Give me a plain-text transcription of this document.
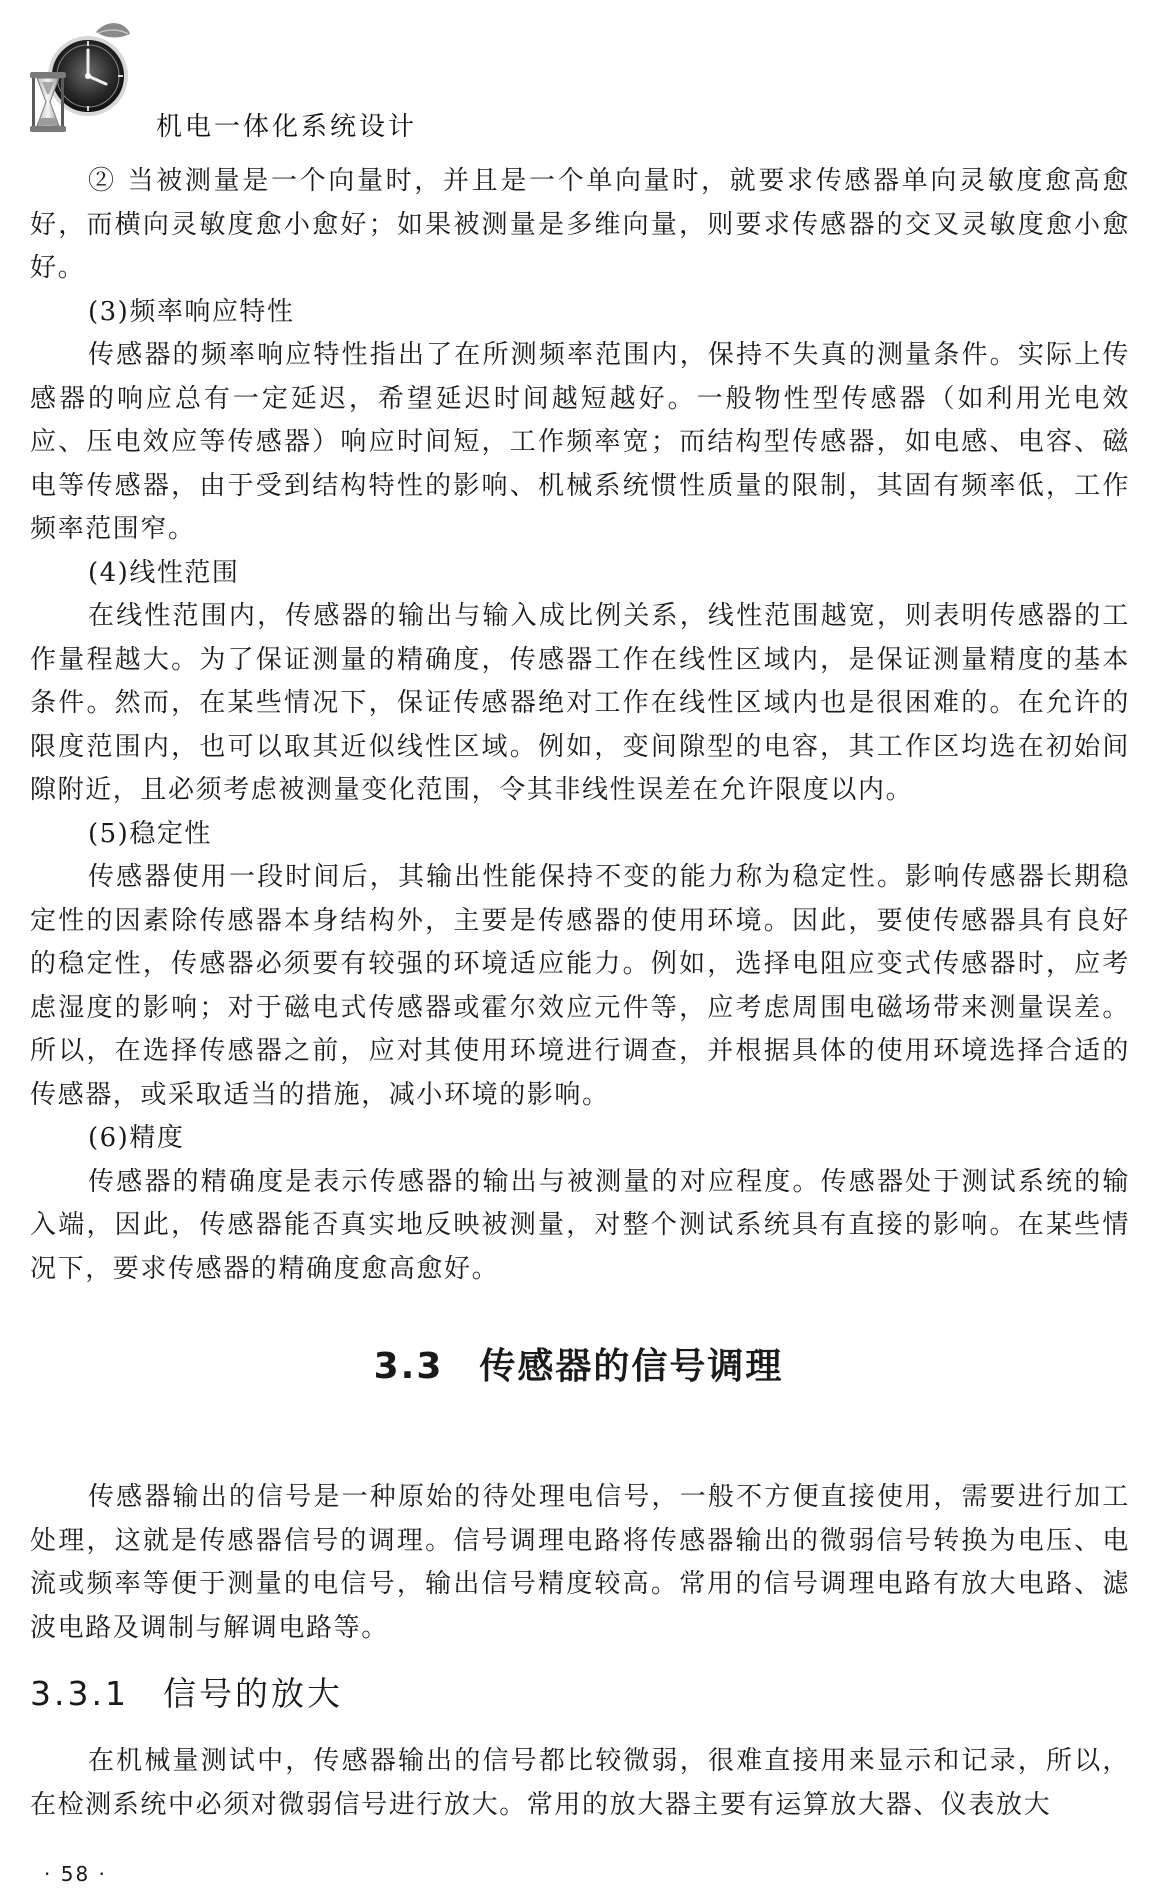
机电一体化系统设计

② 当被测量是一个向量时，并且是一个单向量时，就要求传感器单向灵敏度愈高愈好，而横向灵敏度愈小愈好；如果被测量是多维向量，则要求传感器的交叉灵敏度愈小愈好。

(3)频率响应特性

传感器的频率响应特性指出了在所测频率范围内，保持不失真的测量条件。实际上传感器的响应总有一定延迟，希望延迟时间越短越好。一般物性型传感器（如利用光电效应、压电效应等传感器）响应时间短，工作频率宽；而结构型传感器，如电感、电容、磁电等传感器，由于受到结构特性的影响、机械系统惯性质量的限制，其固有频率低，工作频率范围窄。

(4)线性范围

在线性范围内，传感器的输出与输入成比例关系，线性范围越宽，则表明传感器的工作量程越大。为了保证测量的精确度，传感器工作在线性区域内，是保证测量精度的基本条件。然而，在某些情况下，保证传感器绝对工作在线性区域内也是很困难的。在允许的限度范围内，也可以取其近似线性区域。例如，变间隙型的电容，其工作区均选在初始间隙附近，且必须考虑被测量变化范围，令其非线性误差在允许限度以内。

(5)稳定性

传感器使用一段时间后，其输出性能保持不变的能力称为稳定性。影响传感器长期稳定性的因素除传感器本身结构外，主要是传感器的使用环境。因此，要使传感器具有良好的稳定性，传感器必须要有较强的环境适应能力。例如，选择电阻应变式传感器时，应考虑湿度的影响；对于磁电式传感器或霍尔效应元件等，应考虑周围电磁场带来测量误差。所以，在选择传感器之前，应对其使用环境进行调查，并根据具体的使用环境选择合适的传感器，或采取适当的措施，减小环境的影响。

(6)精度

传感器的精确度是表示传感器的输出与被测量的对应程度。传感器处于测试系统的输入端，因此，传感器能否真实地反映被测量，对整个测试系统具有直接的影响。在某些情况下，要求传感器的精确度愈高愈好。

3.3 传感器的信号调理

传感器输出的信号是一种原始的待处理电信号，一般不方便直接使用，需要进行加工处理，这就是传感器信号的调理。信号调理电路将传感器输出的微弱信号转换为电压、电流或频率等便于测量的电信号，输出信号精度较高。常用的信号调理电路有放大电路、滤波电路及调制与解调电路等。

3.3.1 信号的放大

在机械量测试中，传感器输出的信号都比较微弱，很难直接用来显示和记录，所以，在检测系统中必须对微弱信号进行放大。常用的放大器主要有运算放大器、仪表放大

· 58 ·
